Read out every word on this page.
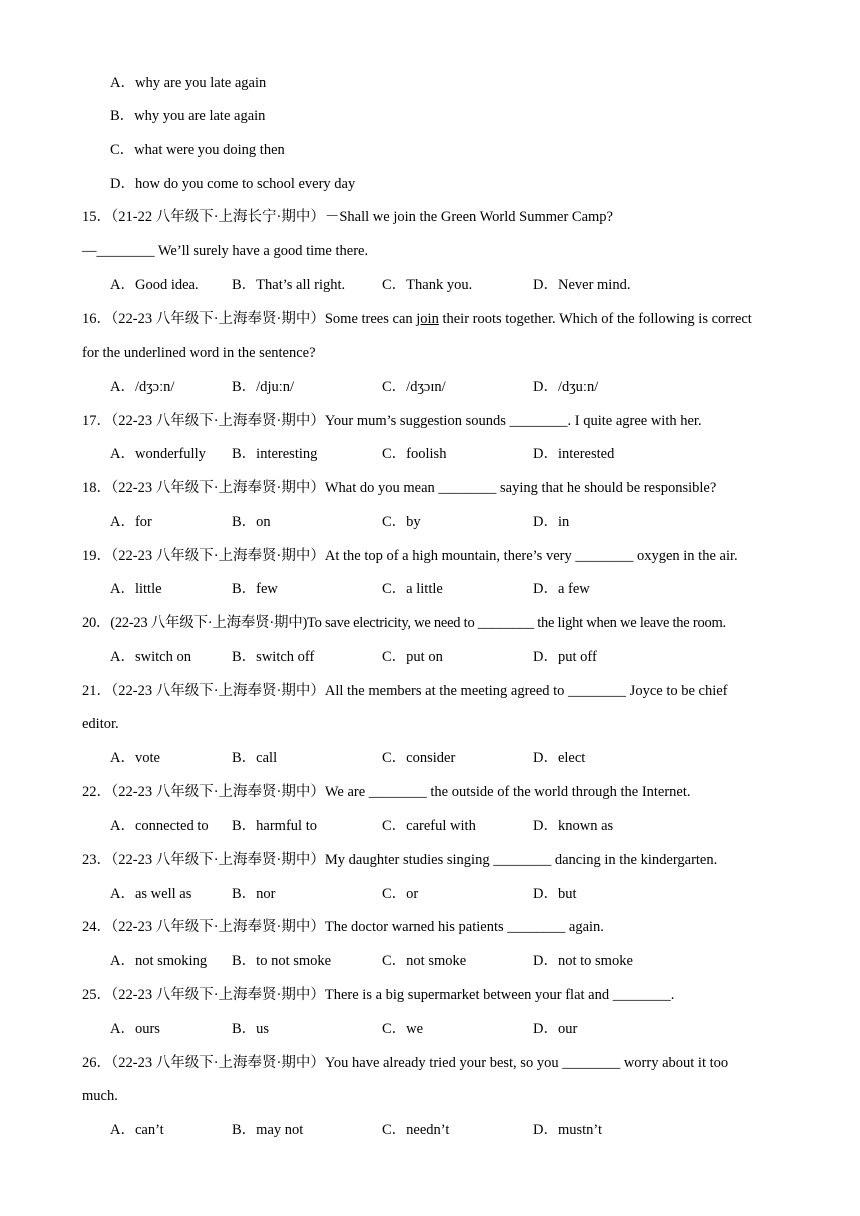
A．why are you late again
B．why you are late again
C．what were you doing then
D．how do you come to school every day
15．（21-22 八年级下·上海长宁·期中）－Shall we join the Green World Summer Camp?
—________ We’ll surely have a good time there.
A．Good idea. B．That’s all right.	C．Thank you.	D．Never mind.
16．（22-23 八年级下·上海奉贤·期中）Some trees can join their roots together. Which of the following is correct
for the underlined word in the sentence?
A．/dʒɔːn/	B．/djuːn/	C．/dʒɔɪn/	D．/dʒuːn/
17．（22-23 八年级下·上海奉贤·期中）Your mum’s suggestion sounds ________. I quite agree with her.
A．wonderfully B．interesting	C．foolish	D．interested
18．（22-23 八年级下·上海奉贤·期中）What do you mean ________ saying that he should be responsible?
A．for	B．on	C．by	D．in
19．（22-23 八年级下·上海奉贤·期中）At the top of a high mountain, there’s very ________ oxygen in the air.
A．little	B．few	C．a little	D．a few
20．(22-23 八年级下·上海奉贤·期中)To save electricity, we need to ________ the light when we leave the room.
A．switch on	B．switch off	C．put on	D．put off
21．（22-23 八年级下·上海奉贤·期中）All the members at the meeting agreed to ________ Joyce to be chief
editor.
A．vote	B．call	C．consider	D．elect
22．（22-23 八年级下·上海奉贤·期中）We are ________ the outside of the world through the Internet.
A．connected to B．harmful to	C．careful with	D．known as
23．（22-23 八年级下·上海奉贤·期中）My daughter studies singing ________ dancing in the kindergarten.
A．as well as	B．nor	C．or	D．but
24．（22-23 八年级下·上海奉贤·期中）The doctor warned his patients ________ again.
A．not smoking B．to not smoke	C．not smoke	D．not to smoke
25．（22-23 八年级下·上海奉贤·期中）There is a big supermarket between your flat and ________.
A．ours	B．us	C．we	D．our
26．（22-23 八年级下·上海奉贤·期中）You have already tried your best, so you ________ worry about it too
much.
A．can’t	B．may not	C．needn’t	D．mustn’t
